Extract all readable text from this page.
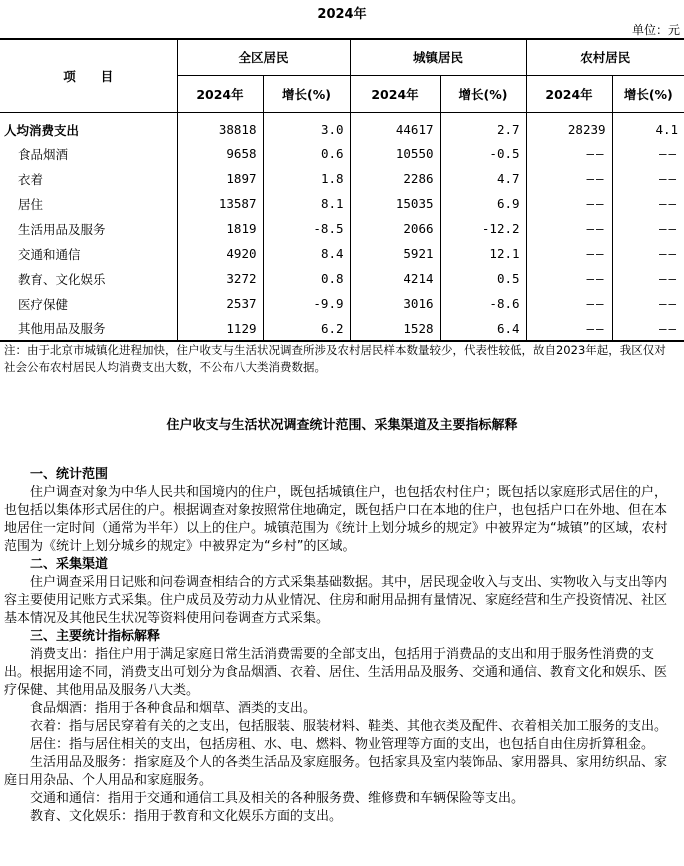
2024年
单位：元
项　　目	全区居民		城镇居民		农村居民	
	2024年	增长(%)	2024年	增长(%)	2024年	增长(%)
人均消费支出	38818	3.0	44617	2.7	28239	4.1
食品烟酒	9658	0.6	10550	-0.5	——	——
衣着	1897	1.8	2286	4.7	——	——
居住	13587	8.1	15035	6.9	——	——
生活用品及服务	1819	-8.5	2066	-12.2	——	——
交通和通信	4920	8.4	5921	12.1	——	——
教育、文化娱乐	3272	0.8	4214	0.5	——	——
医疗保健	2537	-9.9	3016	-8.6	——	——
其他用品及服务	1129	6.2	1528	6.4	——	——
注：由于北京市城镇化进程加快，住户收支与生活状况调查所涉及农村居民样本数量较少，代表性较低，故自2023年起，我区仅对社会公布农村居民人均消费支出大数，不公布八大类消费数据。
住户收支与生活状况调查统计范围、采集渠道及主要指标解释
一、统计范围

住户调查对象为中华人民共和国境内的住户，既包括城镇住户，也包括农村住户；既包括以家庭形式居住的户，也包括以集体形式居住的户。根据调查对象按照常住地确定，既包括户口在本地的住户，也包括户口在外地、但在本地居住一定时间（通常为半年）以上的住户。城镇范围为《统计上划分城乡的规定》中被界定为“城镇”的区域，农村范围为《统计上划分城乡的规定》中被界定为“乡村”的区域。

二、采集渠道

住户调查采用日记账和问卷调查相结合的方式采集基础数据。其中，居民现金收入与支出、实物收入与支出等内容主要使用记账方式采集。住户成员及劳动力从业情况、住房和耐用品拥有量情况、家庭经营和生产投资情况、社区基本情况及其他民生状况等资料使用问卷调查方式采集。

三、主要统计指标解释

消费支出：指住户用于满足家庭日常生活消费需要的全部支出，包括用于消费品的支出和用于服务性消费的支出。根据用途不同，消费支出可划分为食品烟酒、衣着、居住、生活用品及服务、交通和通信、教育文化和娱乐、医疗保健、其他用品及服务八大类。

食品烟酒：指用于各种食品和烟草、酒类的支出。

衣着：指与居民穿着有关的之支出，包括服装、服装材料、鞋类、其他衣类及配件、衣着相关加工服务的支出。

居住：指与居住相关的支出，包括房租、水、电、燃料、物业管理等方面的支出，也包括自由住房折算租金。

生活用品及服务：指家庭及个人的各类生活品及家庭服务。包括家具及室内装饰品、家用器具、家用纺织品、家庭日用杂品、个人用品和家庭服务。

交通和通信：指用于交通和通信工具及相关的各种服务费、维修费和车辆保险等支出。

教育、文化娱乐：指用于教育和文化娱乐方面的支出。
